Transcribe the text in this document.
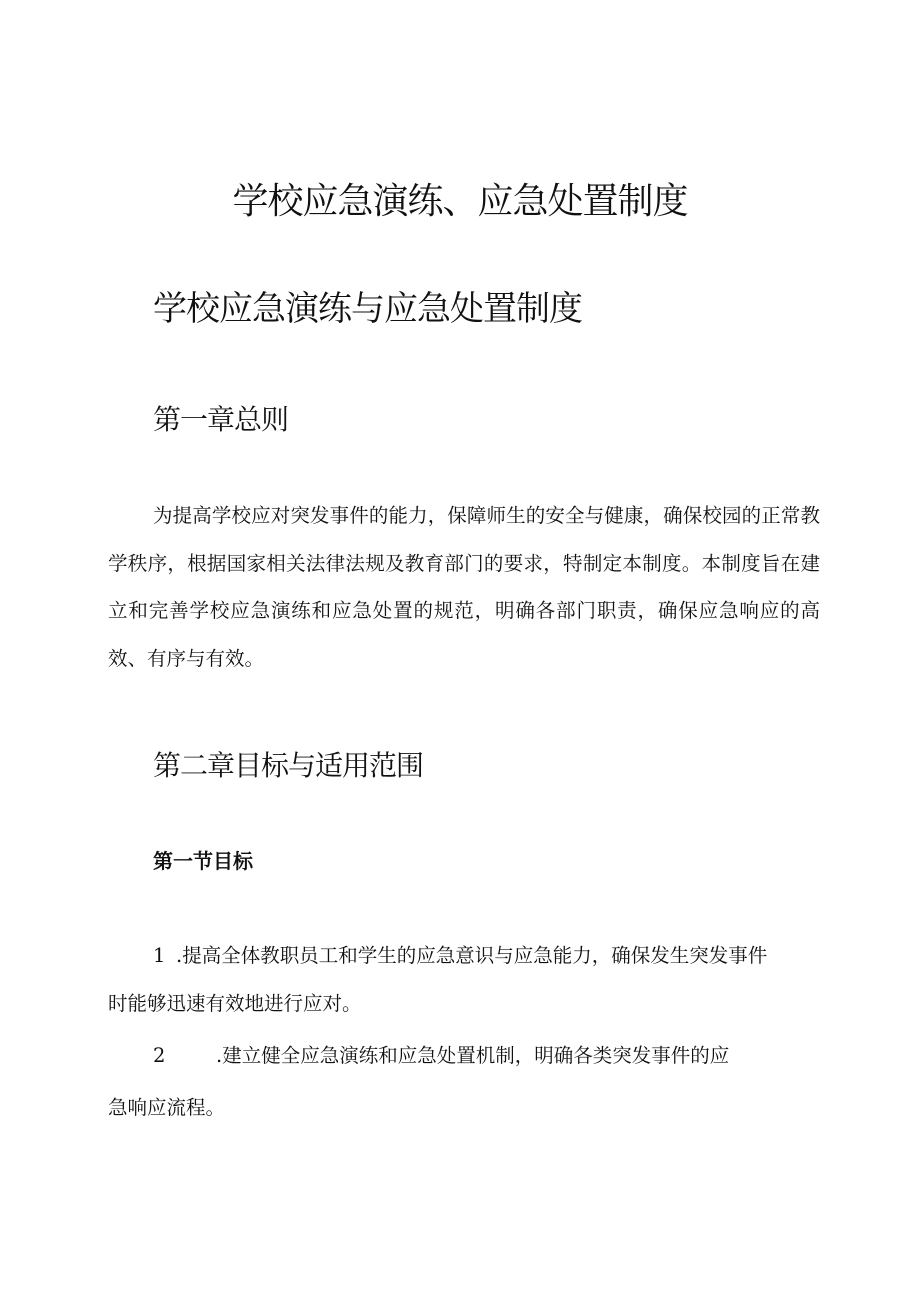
学校应急演练、应急处置制度
学校应急演练与应急处置制度
第一章总则

为提高学校应对突发事件的能力，保障师生的安全与健康，确保校园的正常教学秩序，根据国家相关法律法规及教育部门的要求，特制定本制度。本制度旨在建立和完善学校应急演练和应急处置的规范，明确各部门职责，确保应急响应的高效、有序与有效。

第二章目标与适用范围
第一节目标
1 .提高全体教职员工和学生的应急意识与应急能力，确保发生突发事件
时能够迅速有效地进行应对。
2	.建立健全应急演练和应急处置机制，明确各类突发事件的应
急响应流程。
